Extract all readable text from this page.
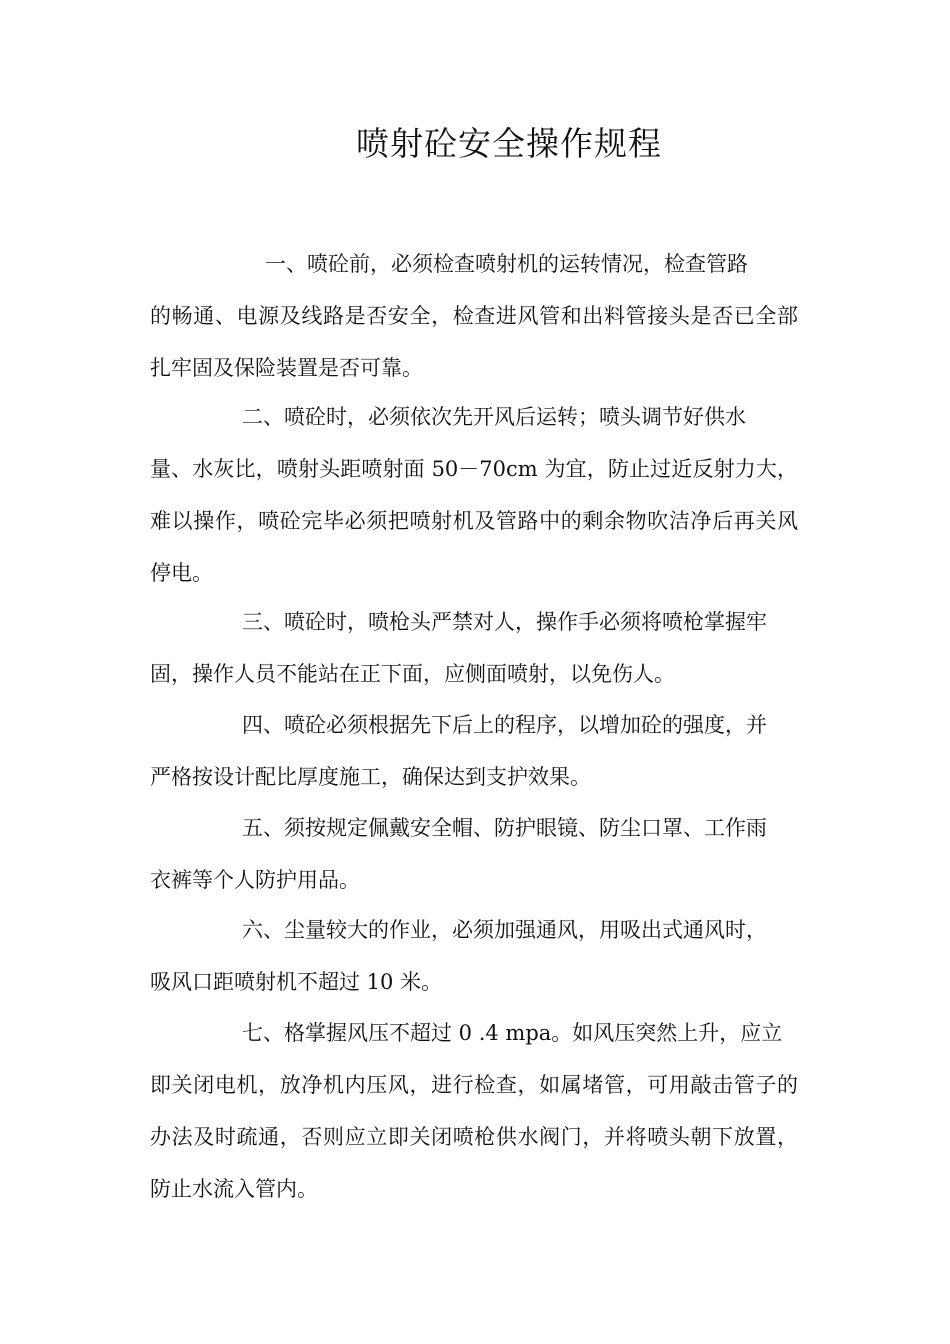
喷射砼安全操作规程

一、喷砼前，必须检查喷射机的运转情况，检查管路
的畅通、电源及线路是否安全，检查进风管和出料管接头是否已全部扎牢固及保险装置是否可靠。

二、喷砼时，必须依次先开风后运转；喷头调节好供水
量、水灰比，喷射头距喷射面 50－70cm 为宜，防止过近反射力大，难以操作，喷砼完毕必须把喷射机及管路中的剩余物吹洁净后再关风停电。

三、喷砼时，喷枪头严禁对人，操作手必须将喷枪掌握牢
固，操作人员不能站在正下面，应侧面喷射，以免伤人。

四、喷砼必须根据先下后上的程序，以增加砼的强度，并
严格按设计配比厚度施工，确保达到支护效果。

五、须按规定佩戴安全帽、防护眼镜、防尘口罩、工作雨
衣裤等个人防护用品。

六、尘量较大的作业，必须加强通风，用吸出式通风时，
吸风口距喷射机不超过 10 米。

七、格掌握风压不超过 0 .4 mpa。如风压突然上升，应立
即关闭电机，放净机内压风，进行检查，如属堵管，可用敲击管子的办法及时疏通，否则应立即关闭喷枪供水阀门，并将喷头朝下放置，防止水流入管内。
